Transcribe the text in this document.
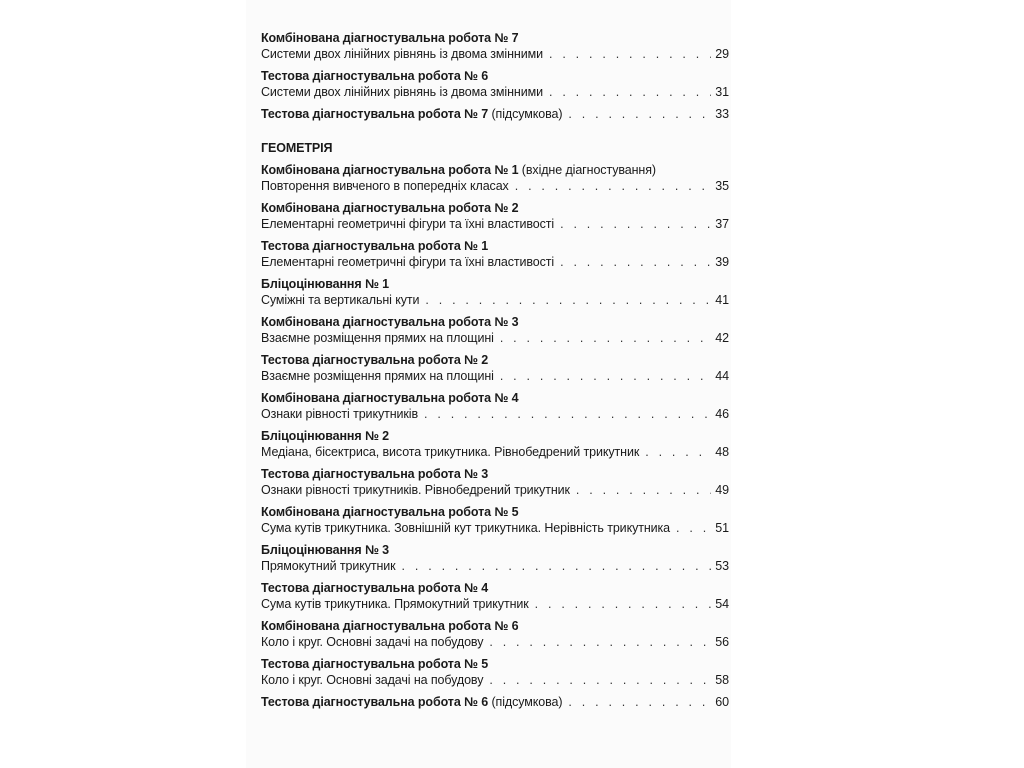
Комбінована діагностувальна робота № 7
Системи двох лінійних рівнянь із двома змінними . . .	29
Тестова діагностувальна робота № 6
Системи двох лінійних рівнянь із двома змінними . . .	31
Тестова діагностувальна робота № 7 (підсумкова) . . .	33
ГЕОМЕТРІЯ
Комбінована діагностувальна робота № 1 (вхідне діагностування)
Повторення вивченого в попередніх класах . . .	35
Комбінована діагностувальна робота № 2
Елементарні геометричні фігури та їхні властивості . . .	37
Тестова діагностувальна робота № 1
Елементарні геометричні фігури та їхні властивості . . .	39
Бліцоцінювання № 1
Суміжні та вертикальні кути . . .	41
Комбінована діагностувальна робота № 3
Взаємне розміщення прямих на площині . . .	42
Тестова діагностувальна робота № 2
Взаємне розміщення прямих на площині . . .	44
Комбінована діагностувальна робота № 4
Ознаки рівності трикутників . . .	46
Бліцоцінювання № 2
Медіана, бісектриса, висота трикутника. Рівнобедрений трикутник . . .	48
Тестова діагностувальна робота № 3
Ознаки рівності трикутників. Рівнобедрений трикутник . . .	49
Комбінована діагностувальна робота № 5
Сума кутів трикутника. Зовнішній кут трикутника. Нерівність трикутника . . .	51
Бліцоцінювання № 3
Прямокутний трикутник . . .	53
Тестова діагностувальна робота № 4
Сума кутів трикутника. Прямокутний трикутник . . .	54
Комбінована діагностувальна робота № 6
Коло і круг. Основні задачі на побудову . . .	56
Тестова діагностувальна робота № 5
Коло і круг. Основні задачі на побудову . . .	58
Тестова діагностувальна робота № 6 (підсумкова) . . .	60
